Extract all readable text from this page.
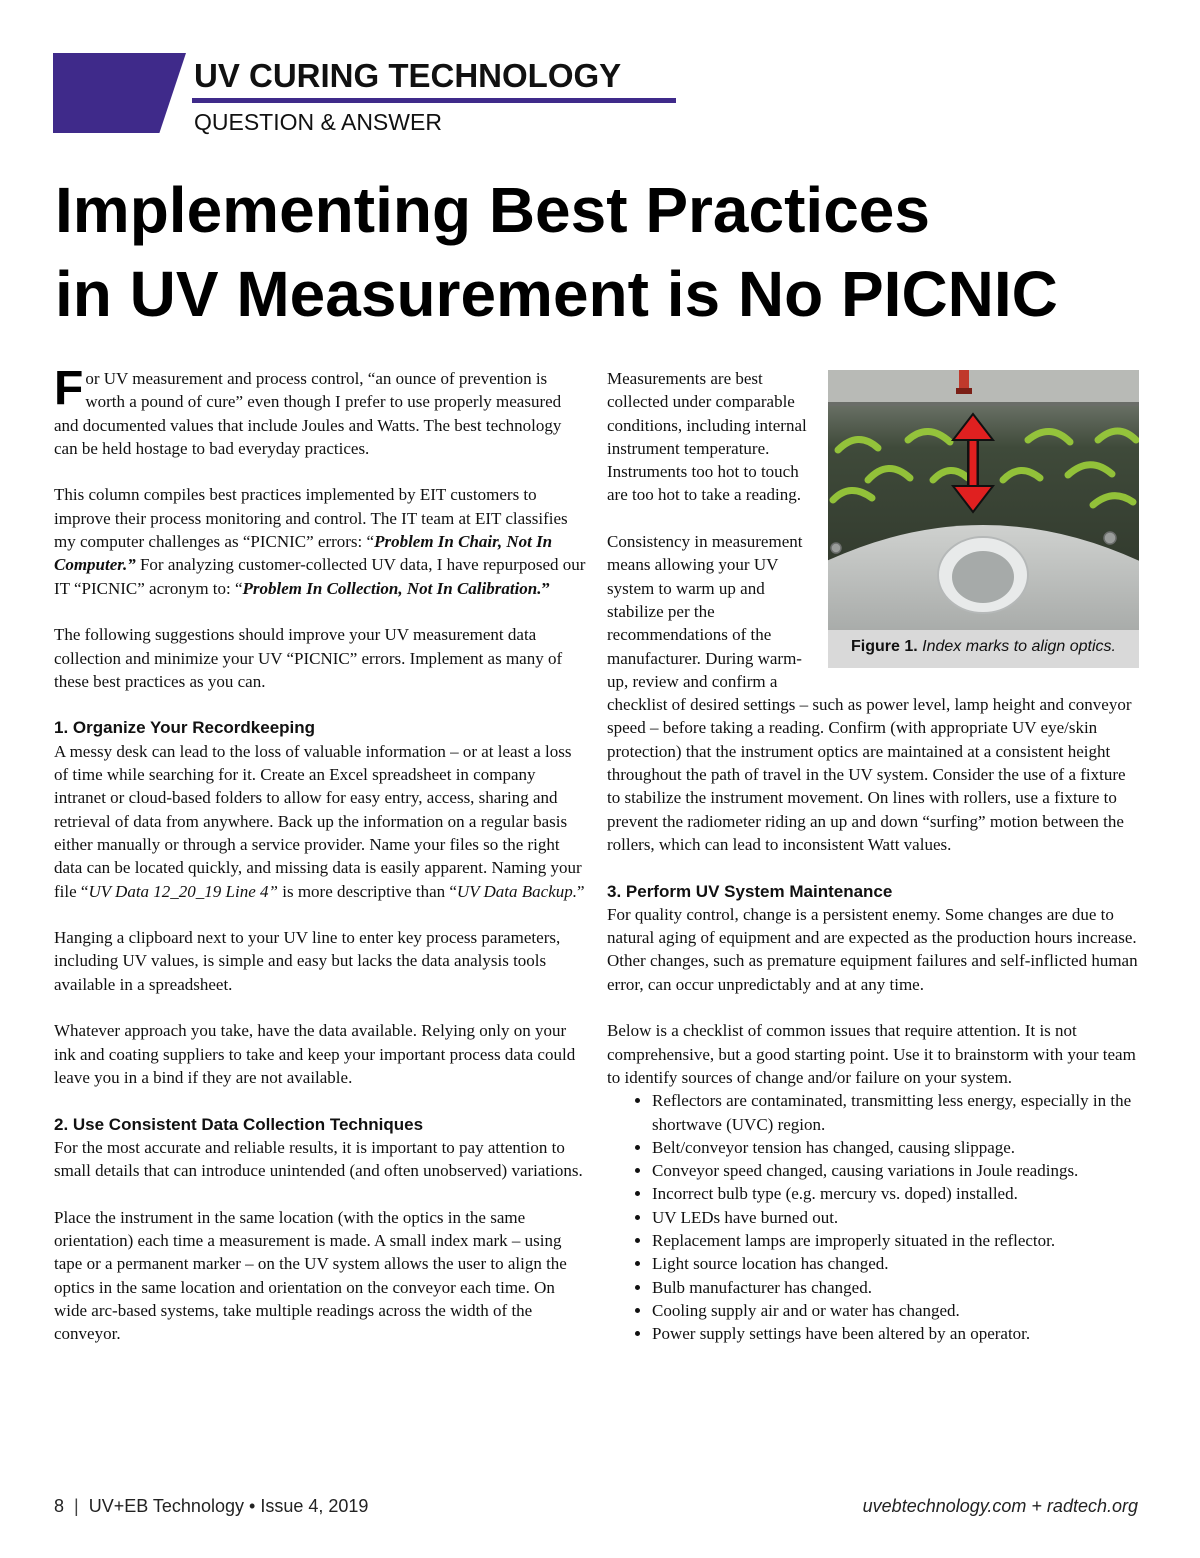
UV CURING TECHNOLOGY
QUESTION & ANSWER
Implementing Best Practices
in UV Measurement is No PICNIC

For UV measurement and process control, “an ounce of prevention is worth a pound of cure” even though I prefer to use properly measured and documented values that include Joules and Watts. The best technology can be held hostage to bad everyday practices.

This column compiles best practices implemented by EIT customers to improve their process monitoring and control. The IT team at EIT classifies my computer challenges as “PICNIC” errors: “Problem In Chair, Not In Computer.” For analyzing customer-collected UV data, I have repurposed our IT “PICNIC” acronym to: “Problem In Collection, Not In Calibration.”

The following suggestions should improve your UV measurement data collection and minimize your UV “PICNIC” errors. Implement as many of these best practices as you can.

1. Organize Your Recordkeeping

A messy desk can lead to the loss of valuable information – or at least a loss of time while searching for it. Create an Excel spreadsheet in company intranet or cloud-based folders to allow for easy entry, access, sharing and retrieval of data from anywhere. Back up the information on a regular basis either manually or through a service provider. Name your files so the right data can be located quickly, and missing data is easily apparent. Naming your file “UV Data 12_20_19 Line 4” is more descriptive than “UV Data Backup.”

Hanging a clipboard next to your UV line to enter key process parameters, including UV values, is simple and easy but lacks the data analysis tools available in a spreadsheet.

Whatever approach you take, have the data available. Relying only on your ink and coating suppliers to take and keep your important process data could leave you in a bind if they are not available.

2. Use Consistent Data Collection Techniques

For the most accurate and reliable results, it is important to pay attention to small details that can introduce unintended (and often unobserved) variations.

Place the instrument in the same location (with the optics in the same orientation) each time a measurement is made. A small index mark – using tape or a permanent marker – on the UV system allows the user to align the optics in the same location and orientation on the conveyor each time. On wide arc-based systems, take multiple readings across the width of the conveyor.

Figure 1. Index marks to align optics.

Measurements are best collected under comparable conditions, including internal instrument temperature. Instruments too hot to touch are too hot to take a reading.

Consistency in measurement means allowing your UV system to warm up and stabilize per the recommendations of the manufacturer. During warm-up, review and confirm a checklist of desired settings – such as power level, lamp height and conveyor speed – before taking a reading. Confirm (with appropriate UV eye/skin protection) that the instrument optics are maintained at a consistent height throughout the path of travel in the UV system. Consider the use of a fixture to stabilize the instrument movement. On lines with rollers, use a fixture to prevent the radiometer riding an up and down “surfing” motion between the rollers, which can lead to inconsistent Watt values.

3. Perform UV System Maintenance

For quality control, change is a persistent enemy. Some changes are due to natural aging of equipment and are expected as the production hours increase. Other changes, such as premature equipment failures and self-inflicted human error, can occur unpredictably and at any time.

Below is a checklist of common issues that require attention. It is not comprehensive, but a good starting point. Use it to brainstorm with your team to identify sources of change and/or failure on your system.

• Reflectors are contaminated, transmitting less energy, especially in the shortwave (UVC) region.
• Belt/conveyor tension has changed, causing slippage.
• Conveyor speed changed, causing variations in Joule readings.
• Incorrect bulb type (e.g. mercury vs. doped) installed.
• UV LEDs have burned out.
• Replacement lamps are improperly situated in the reflector.
• Light source location has changed.
• Bulb manufacturer has changed.
• Cooling supply air and or water has changed.
• Power supply settings have been altered by an operator.
8 | UV+EB Technology • Issue 4, 2019	uvebtechnology.com + radtech.org
